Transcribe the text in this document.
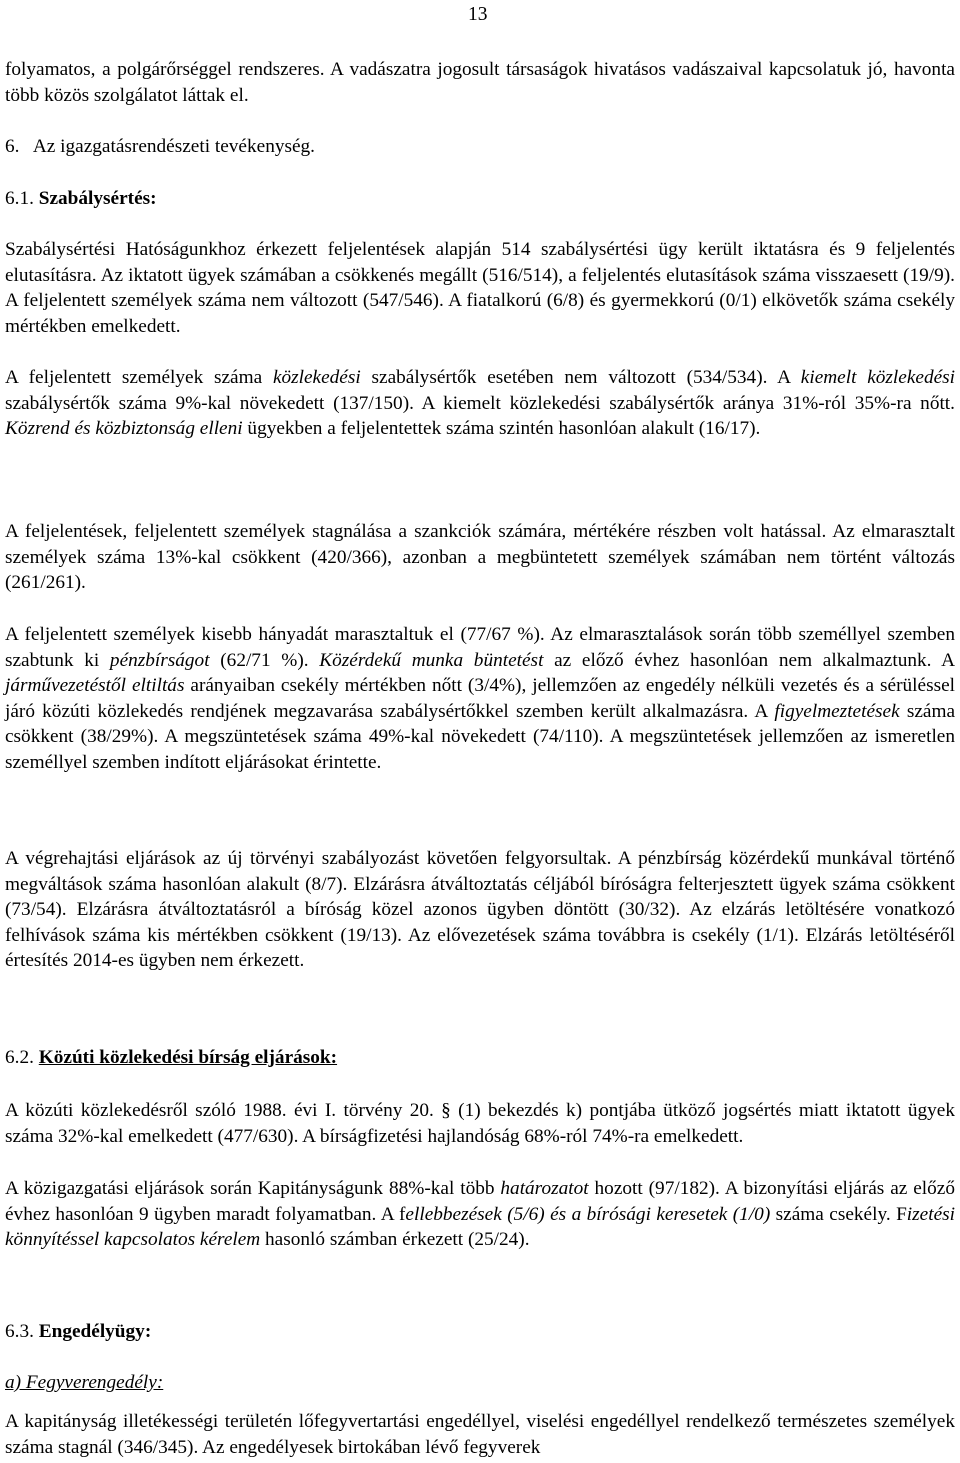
13

folyamatos, a polgárőrséggel rendszeres. A vadászatra jogosult társaságok hivatásos vadászaival kapcsolatuk jó, havonta több közös szolgálatot láttak el.

6. Az igazgatásrendészeti tevékenység.

6.1. Szabálysértés:

Szabálysértési Hatóságunkhoz érkezett feljelentések alapján 514 szabálysértési ügy került iktatásra és 9 feljelentés elutasításra. Az iktatott ügyek számában a csökkenés megállt (516/514), a feljelentés elutasítások száma visszaesett (19/9). A feljelentett személyek száma nem változott (547/546). A fiatalkorú (6/8) és gyermekkorú (0/1) elkövetők száma csekély mértékben emelkedett.

A feljelentett személyek száma közlekedési szabálysértők esetében nem változott (534/534). A kiemelt közlekedési szabálysértők száma 9%-kal növekedett (137/150). A kiemelt közlekedési szabálysértők aránya 31%-ról 35%-ra nőtt. Közrend és közbiztonság elleni ügyekben a feljelentettek száma szintén hasonlóan alakult (16/17).

A feljelentések, feljelentett személyek stagnálása a szankciók számára, mértékére részben volt hatással. Az elmarasztalt személyek száma 13%-kal csökkent (420/366), azonban a megbüntetett személyek számában nem történt változás (261/261).

A feljelentett személyek kisebb hányadát marasztaltuk el (77/67 %). Az elmarasztalások során több személlyel szemben szabtunk ki pénzbírságot (62/71 %). Közérdekű munka büntetést az előző évhez hasonlóan nem alkalmaztunk. A járművezetéstől eltiltás arányaiban csekély mértékben nőtt (3/4%), jellemzően az engedély nélküli vezetés és a sérüléssel járó közúti közlekedés rendjének megzavarása szabálysértőkkel szemben került alkalmazásra. A figyelmeztetések száma csökkent (38/29%). A megszüntetések száma 49%-kal növekedett (74/110). A megszüntetések jellemzően az ismeretlen személlyel szemben indított eljárásokat érintette.

A végrehajtási eljárások az új törvényi szabályozást követően felgyorsultak. A pénzbírság közérdekű munkával történő megváltások száma hasonlóan alakult (8/7). Elzárásra átváltoztatás céljából bíróságra felterjesztett ügyek száma csökkent (73/54). Elzárásra átváltoztatásról a bíróság közel azonos ügyben döntött (30/32). Az elzárás letöltésére vonatkozó felhívások száma kis mértékben csökkent (19/13). Az elővezetések száma továbbra is csekély (1/1). Elzárás letöltéséről értesítés 2014-es ügyben nem érkezett.

6.2. Közúti közlekedési bírság eljárások:

A közúti közlekedésről szóló 1988. évi I. törvény 20. § (1) bekezdés k) pontjába ütköző jogsértés miatt iktatott ügyek száma 32%-kal emelkedett (477/630). A bírságfizetési hajlandóság 68%-ról 74%-ra emelkedett.

A közigazgatási eljárások során Kapitányságunk 88%-kal több határozatot hozott (97/182). A bizonyítási eljárás az előző évhez hasonlóan 9 ügyben maradt folyamatban. A fellebbezések (5/6) és a bírósági keresetek (1/0) száma csekély. Fizetési könnyítéssel kapcsolatos kérelem hasonló számban érkezett (25/24).

6.3. Engedélyügy:

a) Fegyverengedély:

A kapitányság illetékességi területén lőfegyvertartási engedéllyel, viselési engedéllyel rendelkező természetes személyek száma stagnál (346/345). Az engedélyesek birtokában lévő fegyverek
